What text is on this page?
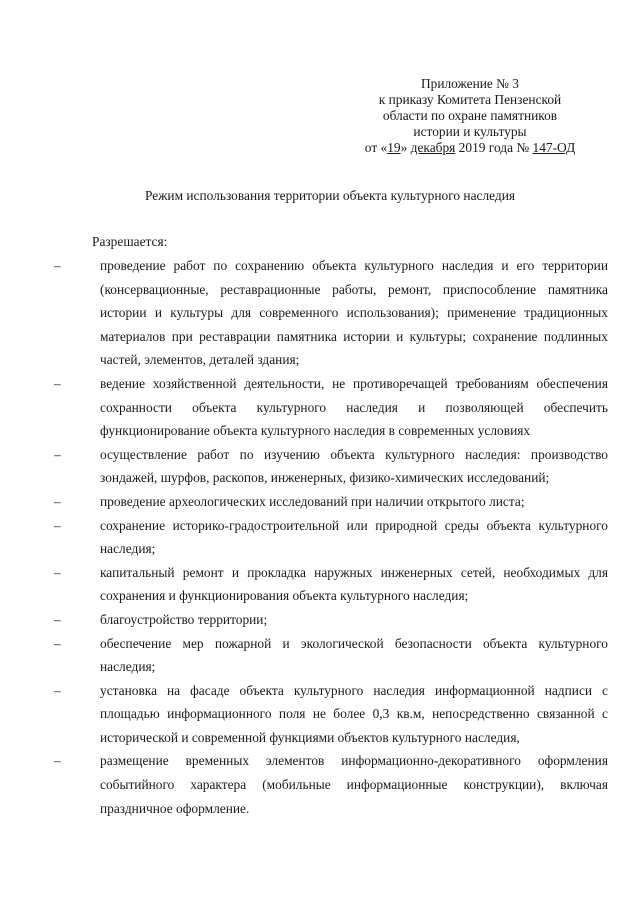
Приложение № 3
к приказу Комитета Пензенской
области по охране памятников
истории и культуры
от «19» декабря 2019 года № 147-ОД
Режим использования территории объекта культурного наследия
Разрешается:
–	проведение работ по сохранению объекта культурного наследия и его территории (консервационные, реставрационные работы, ремонт, приспособление памятника истории и культуры для современного использования); применение традиционных материалов при реставрации памятника истории и культуры; сохранение подлинных частей, элементов, деталей здания;
–	ведение хозяйственной деятельности, не противоречащей требованиям обеспечения сохранности объекта культурного наследия и позволяющей обеспечить функционирование объекта культурного наследия в современных условиях
–	осуществление работ по изучению объекта культурного наследия: производство зондажей, шурфов, раскопов, инженерных, физико-химических исследований;
–	проведение археологических исследований при наличии открытого листа;
–	сохранение историко-градостроительной или природной среды объекта культурного наследия;
–	капитальный ремонт и прокладка наружных инженерных сетей, необходимых для сохранения и функционирования объекта культурного наследия;
–	благоустройство территории;
–	обеспечение мер пожарной и экологической безопасности объекта культурного наследия;
–	установка на фасаде объекта культурного наследия информационной надписи с площадью информационного поля не более 0,3 кв.м, непосредственно связанной с исторической и современной функциями объектов культурного наследия,
–	размещение временных элементов информационно-декоративного оформления событийного характера (мобильные информационные конструкции), включая праздничное оформление.
